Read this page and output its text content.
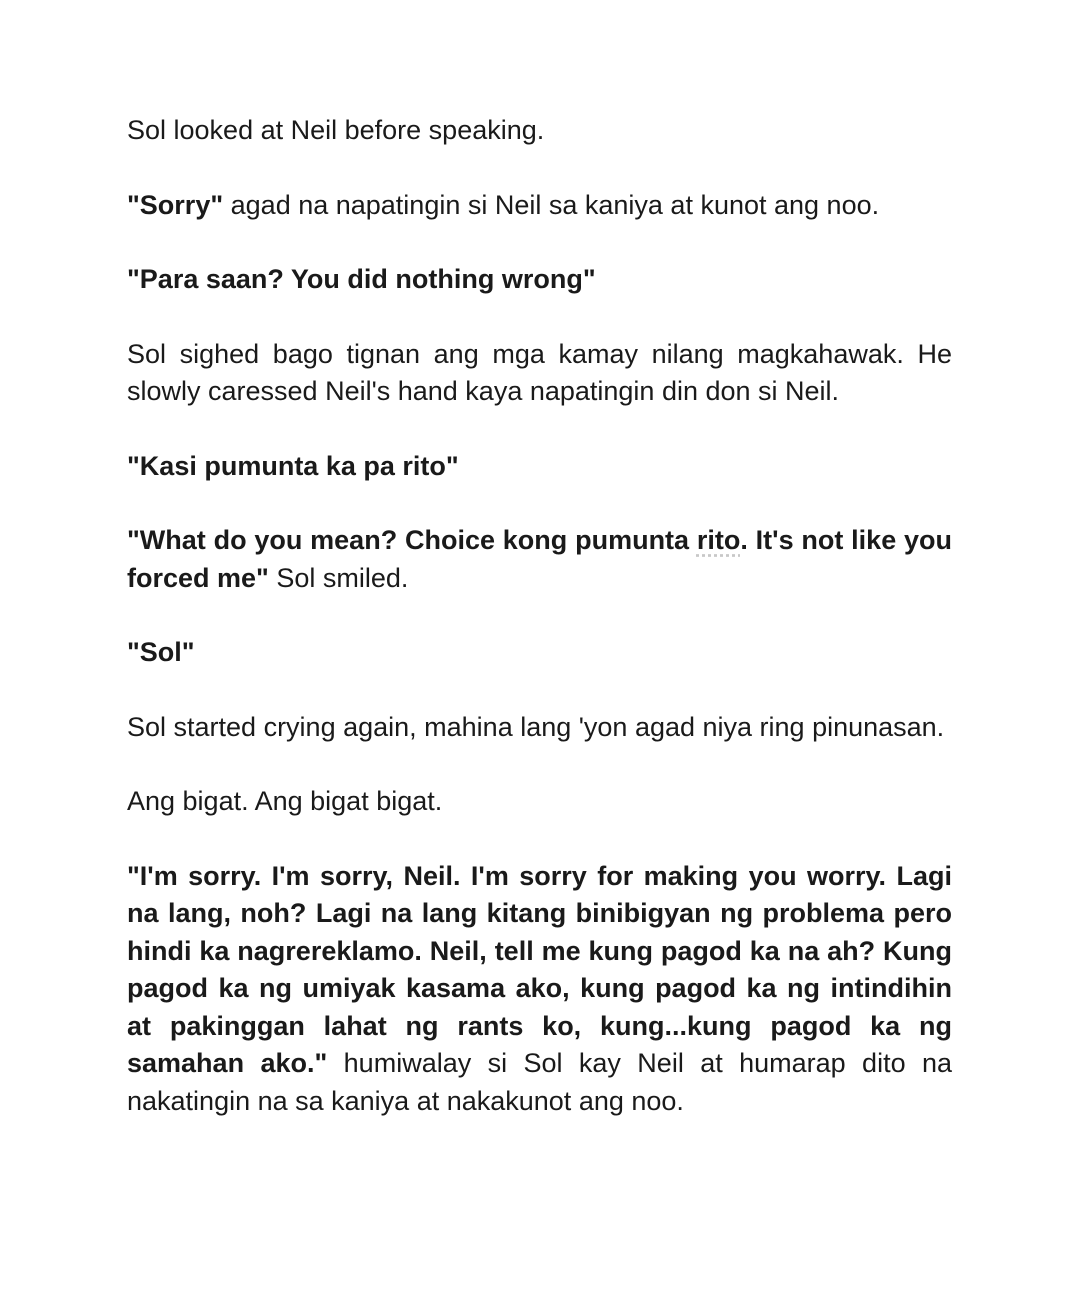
Sol looked at Neil before speaking.

"Sorry" agad na napatingin si Neil sa kaniya at kunot ang noo.

"Para saan? You did nothing wrong"

Sol sighed bago tignan ang mga kamay nilang magkahawak. He slowly caressed Neil's hand kaya napatingin din don si Neil.

"Kasi pumunta ka pa rito"

"What do you mean? Choice kong pumunta rito. It's not like you forced me" Sol smiled.

"Sol"

Sol started crying again, mahina lang 'yon agad niya ring pinunasan.

Ang bigat. Ang bigat bigat.

"I'm sorry. I'm sorry, Neil. I'm sorry for making you worry. Lagi na lang, noh? Lagi na lang kitang binibigyan ng problema pero hindi ka nagrereklamo. Neil, tell me kung pagod ka na ah? Kung pagod ka ng umiyak kasama ako, kung pagod ka ng intindihin at pakinggan lahat ng rants ko, kung...kung pagod ka ng samahan ako." humiwalay si Sol kay Neil at humarap dito na nakatingin na sa kaniya at nakakunot ang noo.
